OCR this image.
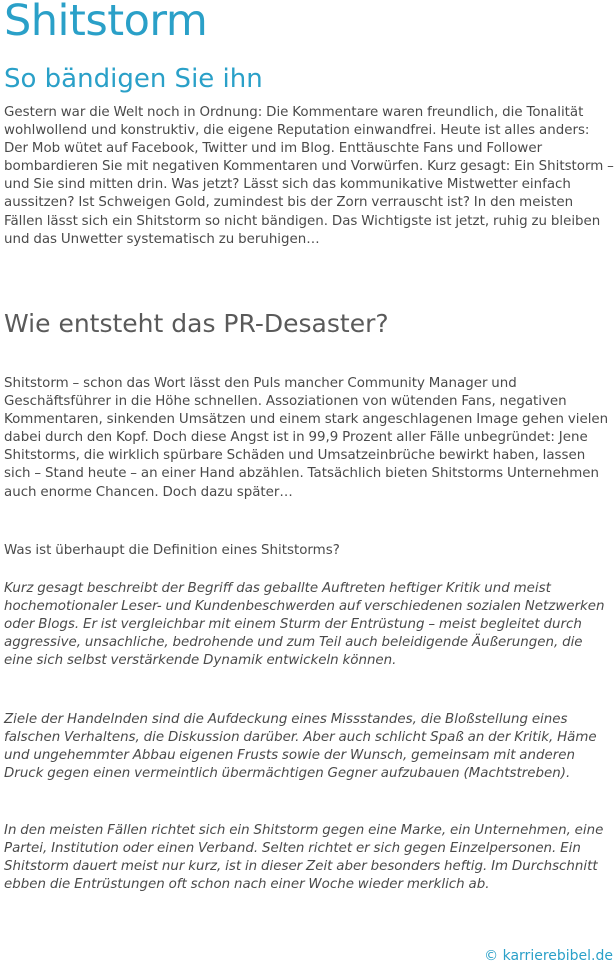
Shitstorm
So bändigen Sie ihn

Gestern war die Welt noch in Ordnung: Die Kommentare waren freundlich, die Tonalität wohlwollend und konstruktiv, die eigene Reputation einwandfrei. Heute ist alles anders: Der Mob wütet auf Facebook, Twitter und im Blog. Enttäuschte Fans und Follower bombardieren Sie mit negativen Kommentaren und Vorwürfen. Kurz gesagt: Ein Shitstorm – und Sie sind mitten drin. Was jetzt? Lässt sich das kommunikative Mistwetter einfach aussitzen? Ist Schweigen Gold, zumindest bis der Zorn verrauscht ist? In den meisten Fällen lässt sich ein Shitstorm so nicht bändigen. Das Wichtigste ist jetzt, ruhig zu bleiben und das Unwetter systematisch zu beruhigen…

Wie entsteht das PR-Desaster?

Shitstorm – schon das Wort lässt den Puls mancher Community Manager und Geschäftsführer in die Höhe schnellen. Assoziationen von wütenden Fans, negativen Kommentaren, sinkenden Umsätzen und einem stark angeschlagenen Image gehen vielen dabei durch den Kopf. Doch diese Angst ist in 99,9 Prozent aller Fälle unbegründet: Jene Shitstorms, die wirklich spürbare Schäden und Umsatzeinbrüche bewirkt haben, lassen sich – Stand heute – an einer Hand abzählen. Tatsächlich bieten Shitstorms Unternehmen auch enorme Chancen. Doch dazu später…

Was ist überhaupt die Definition eines Shitstorms?

Kurz gesagt beschreibt der Begriff das geballte Auftreten heftiger Kritik und meist hochemotionaler Leser- und Kundenbeschwerden auf verschiedenen sozialen Netzwerken oder Blogs. Er ist vergleichbar mit einem Sturm der Entrüstung – meist begleitet durch aggressive, unsachliche, bedrohende und zum Teil auch beleidigende Äußerungen, die eine sich selbst verstärkende Dynamik entwickeln können.

Ziele der Handelnden sind die Aufdeckung eines Missstandes, die Bloßstellung eines falschen Verhaltens, die Diskussion darüber. Aber auch schlicht Spaß an der Kritik, Häme und ungehemmter Abbau eigenen Frusts sowie der Wunsch, gemeinsam mit anderen Druck gegen einen vermeintlich übermächtigen Gegner aufzubauen (Machtstreben).

In den meisten Fällen richtet sich ein Shitstorm gegen eine Marke, ein Unternehmen, eine Partei, Institution oder einen Verband. Selten richtet er sich gegen Einzelpersonen. Ein Shitstorm dauert meist nur kurz, ist in dieser Zeit aber besonders heftig. Im Durchschnitt ebben die Entrüstungen oft schon nach einer Woche wieder merklich ab.

© karrierebibel.de
